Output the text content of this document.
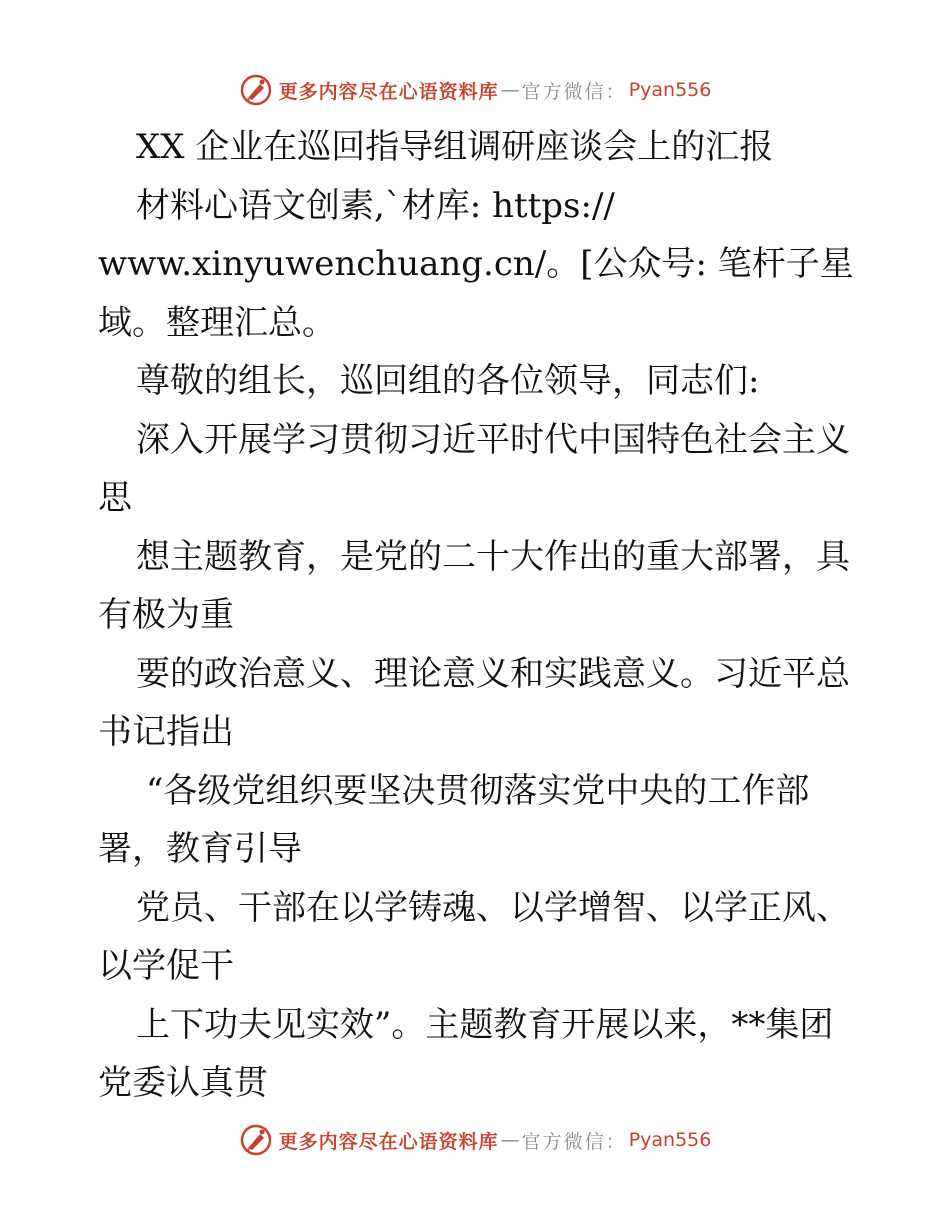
更多内容尽在心语资料库 — 官方微信： Pyan556
XX 企业在巡回指导组调研座谈会上的汇报
材料心语文创素,`材库: https://
www.xinyuwenchuang.cn/。[公众号: 笔杆子星
域。整理汇总。
尊敬的组长，巡回组的各位领导，同志们:
深入开展学习贯彻习近平时代中国特色社会主义
思
想主题教育，是党的二十大作出的重大部署，具
有极为重
要的政治意义、理论意义和实践意义。习近平总
书记指出
“各级党组织要坚决贯彻落实党中央的工作部
署，教育引导
党员、干部在以学铸魂、以学增智、以学正风、
以学促干
上下功夫见实效”。主题教育开展以来，**集团
党委认真贯
更多内容尽在心语资料库 — 官方微信： Pyan556
